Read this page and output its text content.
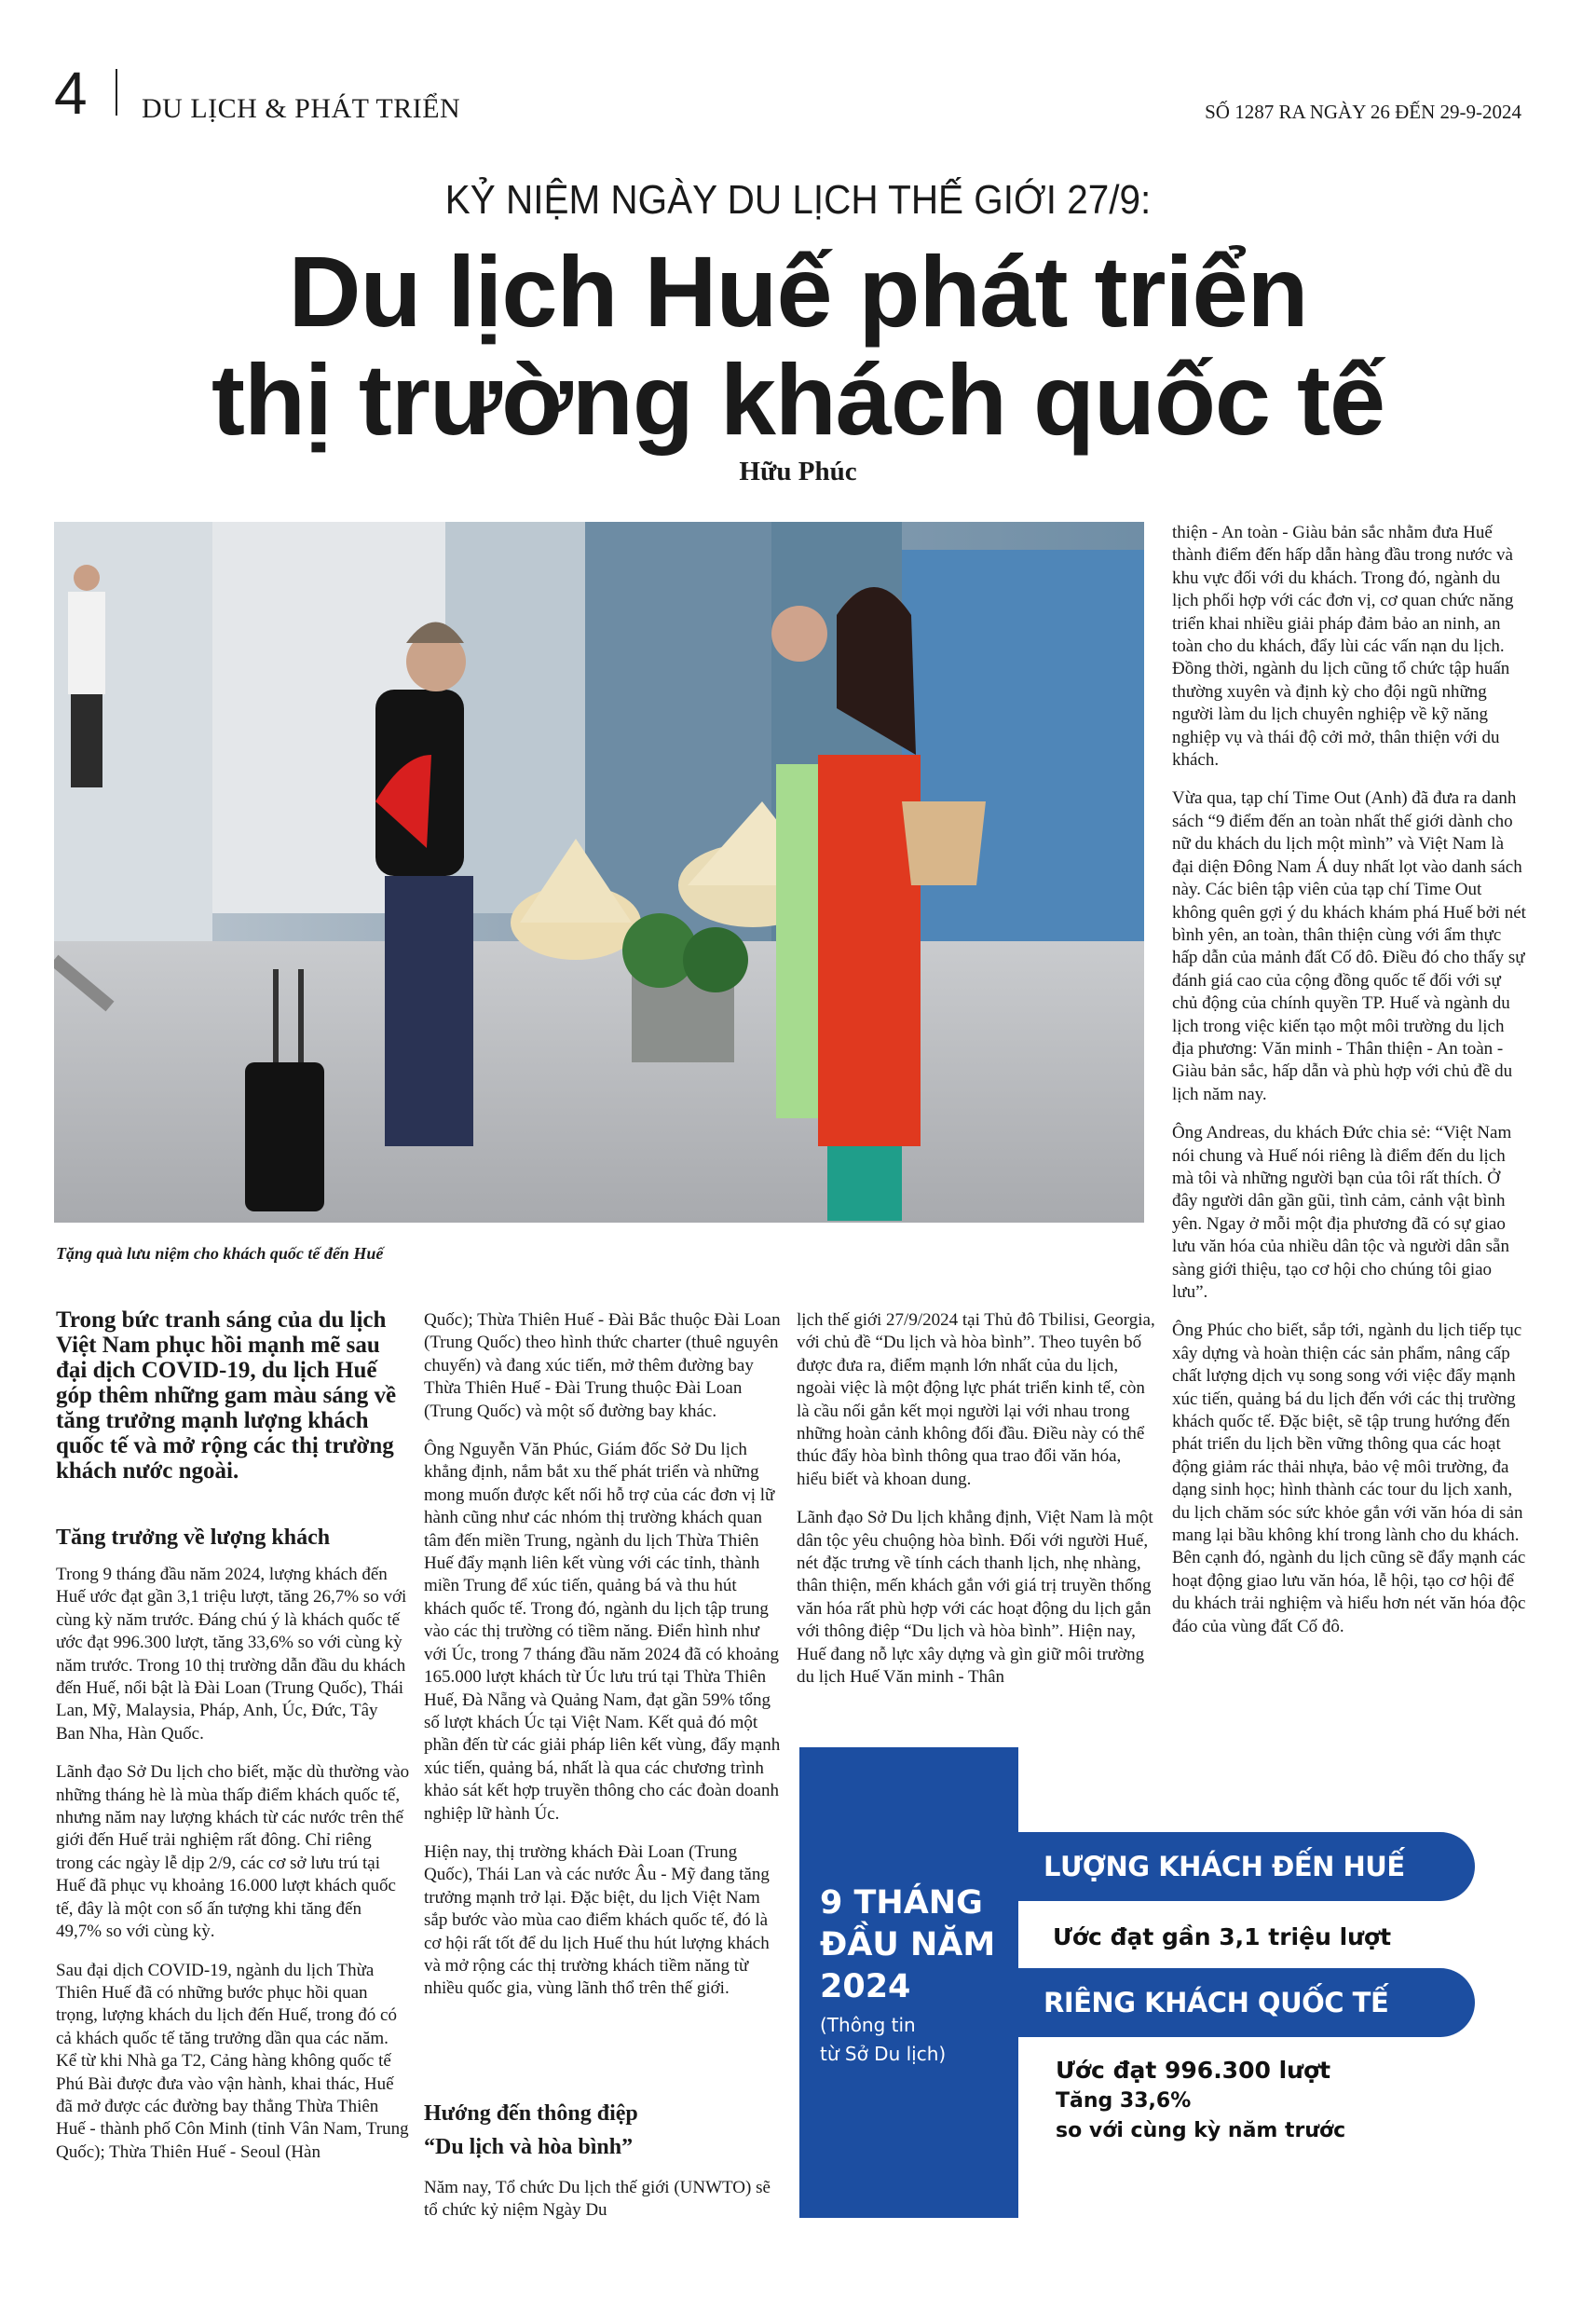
4 DU LỊCH & PHÁT TRIỂN	SỐ 1287 RA NGÀY 26 ĐẾN 29-9-2024
KỶ NIỆM NGÀY DU LỊCH THẾ GIỚI 27/9:
Du lịch Huế phát triển
thị trường khách quốc tế
Hữu Phúc
Tặng quà lưu niệm cho khách quốc tế đến Huế
Trong bức tranh sáng của du lịch Việt Nam phục hồi mạnh mẽ sau đại dịch COVID-19, du lịch Huế góp thêm những gam màu sáng về tăng trưởng mạnh lượng khách quốc tế và mở rộng các thị trường khách nước ngoài.
Tăng trưởng về lượng khách

Trong 9 tháng đầu năm 2024, lượng khách đến Huế ước đạt gần 3,1 triệu lượt, tăng 26,7% so với cùng kỳ năm trước. Đáng chú ý là khách quốc tế ước đạt 996.300 lượt, tăng 33,6% so với cùng kỳ năm trước. Trong 10 thị trường dẫn đầu du khách đến Huế, nổi bật là Đài Loan (Trung Quốc), Thái Lan, Mỹ, Malaysia, Pháp, Anh, Úc, Đức, Tây Ban Nha, Hàn Quốc.

Lãnh đạo Sở Du lịch cho biết, mặc dù thường vào những tháng hè là mùa thấp điểm khách quốc tế, nhưng năm nay lượng khách từ các nước trên thế giới đến Huế trải nghiệm rất đông. Chỉ riêng trong các ngày lễ dịp 2/9, các cơ sở lưu trú tại Huế đã phục vụ khoảng 16.000 lượt khách quốc tế, đây là một con số ấn tượng khi tăng đến 49,7% so với cùng kỳ.

Sau đại dịch COVID-19, ngành du lịch Thừa Thiên Huế đã có những bước phục hồi quan trọng, lượng khách du lịch đến Huế, trong đó có cả khách quốc tế tăng trưởng dần qua các năm. Kể từ khi Nhà ga T2, Cảng hàng không quốc tế Phú Bài được đưa vào vận hành, khai thác, Huế đã mở được các đường bay thẳng Thừa Thiên Huế - thành phố Côn Minh (tỉnh Vân Nam, Trung Quốc); Thừa Thiên Huế - Seoul (Hàn

Quốc); Thừa Thiên Huế - Đài Bắc thuộc Đài Loan (Trung Quốc) theo hình thức charter (thuê nguyên chuyến) và đang xúc tiến, mở thêm đường bay Thừa Thiên Huế - Đài Trung thuộc Đài Loan (Trung Quốc) và một số đường bay khác.

Ông Nguyễn Văn Phúc, Giám đốc Sở Du lịch khẳng định, nắm bắt xu thế phát triển và những mong muốn được kết nối hỗ trợ của các đơn vị lữ hành cũng như các nhóm thị trường khách quan tâm đến miền Trung, ngành du lịch Thừa Thiên Huế đẩy mạnh liên kết vùng với các tỉnh, thành miền Trung để xúc tiến, quảng bá và thu hút khách quốc tế. Trong đó, ngành du lịch tập trung vào các thị trường có tiềm năng. Điển hình như với Úc, trong 7 tháng đầu năm 2024 đã có khoảng 165.000 lượt khách từ Úc lưu trú tại Thừa Thiên Huế, Đà Nẵng và Quảng Nam, đạt gần 59% tổng số lượt khách Úc tại Việt Nam. Kết quả đó một phần đến từ các giải pháp liên kết vùng, đẩy mạnh xúc tiến, quảng bá, nhất là qua các chương trình khảo sát kết hợp truyền thông cho các đoàn doanh nghiệp lữ hành Úc.

Hiện nay, thị trường khách Đài Loan (Trung Quốc), Thái Lan và các nước Âu - Mỹ đang tăng trưởng mạnh trở lại. Đặc biệt, du lịch Việt Nam sắp bước vào mùa cao điểm khách quốc tế, đó là cơ hội rất tốt để du lịch Huế thu hút lượng khách và mở rộng các thị trường khách tiềm năng từ nhiều quốc gia, vùng lãnh thổ trên thế giới.

Hướng đến thông điệp
“Du lịch và hòa bình”

Năm nay, Tổ chức Du lịch thế giới (UNWTO) sẽ tổ chức kỷ niệm Ngày Du

lịch thế giới 27/9/2024 tại Thủ đô Tbilisi, Georgia, với chủ đề “Du lịch và hòa bình”. Theo tuyên bố được đưa ra, điểm mạnh lớn nhất của du lịch, ngoài việc là một động lực phát triển kinh tế, còn là cầu nối gắn kết mọi người lại với nhau trong những hoàn cảnh không đối đầu. Điều này có thể thúc đẩy hòa bình thông qua trao đổi văn hóa, hiểu biết và khoan dung.

Lãnh đạo Sở Du lịch khẳng định, Việt Nam là một dân tộc yêu chuộng hòa bình. Đối với người Huế, nét đặc trưng về tính cách thanh lịch, nhẹ nhàng, thân thiện, mến khách gắn với giá trị truyền thống văn hóa rất phù hợp với các hoạt động du lịch gắn với thông điệp “Du lịch và hòa bình”. Hiện nay, Huế đang nỗ lực xây dựng và gìn giữ môi trường du lịch Huế Văn minh - Thân

thiện - An toàn - Giàu bản sắc nhằm đưa Huế thành điểm đến hấp dẫn hàng đầu trong nước và khu vực đối với du khách. Trong đó, ngành du lịch phối hợp với các đơn vị, cơ quan chức năng triển khai nhiều giải pháp đảm bảo an ninh, an toàn cho du khách, đẩy lùi các vấn nạn du lịch. Đồng thời, ngành du lịch cũng tổ chức tập huấn thường xuyên và định kỳ cho đội ngũ những người làm du lịch chuyên nghiệp về kỹ năng nghiệp vụ và thái độ cởi mở, thân thiện với du khách.

Vừa qua, tạp chí Time Out (Anh) đã đưa ra danh sách “9 điểm đến an toàn nhất thế giới dành cho nữ du khách du lịch một mình” và Việt Nam là đại diện Đông Nam Á duy nhất lọt vào danh sách này. Các biên tập viên của tạp chí Time Out không quên gợi ý du khách khám phá Huế bởi nét bình yên, an toàn, thân thiện cùng với ẩm thực hấp dẫn của mảnh đất Cố đô. Điều đó cho thấy sự đánh giá cao của cộng đồng quốc tế đối với sự chủ động của chính quyền TP. Huế và ngành du lịch trong việc kiến tạo một môi trường du lịch địa phương: Văn minh - Thân thiện - An toàn - Giàu bản sắc, hấp dẫn và phù hợp với chủ đề du lịch năm nay.

Ông Andreas, du khách Đức chia sẻ: “Việt Nam nói chung và Huế nói riêng là điểm đến du lịch mà tôi và những người bạn của tôi rất thích. Ở đây người dân gần gũi, tình cảm, cảnh vật bình yên. Ngay ở mỗi một địa phương đã có sự giao lưu văn hóa của nhiều dân tộc và người dân sẵn sàng giới thiệu, tạo cơ hội cho chúng tôi giao lưu”.

Ông Phúc cho biết, sắp tới, ngành du lịch tiếp tục xây dựng và hoàn thiện các sản phẩm, nâng cấp chất lượng dịch vụ song song với việc đẩy mạnh xúc tiến, quảng bá du lịch đến với các thị trường khách quốc tế. Đặc biệt, sẽ tập trung hướng đến phát triển du lịch bền vững thông qua các hoạt động giảm rác thải nhựa, bảo vệ môi trường, đa dạng sinh học; hình thành các tour du lịch xanh, du lịch chăm sóc sức khỏe gắn với văn hóa di sản mang lại bầu không khí trong lành cho du khách. Bên cạnh đó, ngành du lịch cũng sẽ đẩy mạnh các hoạt động giao lưu văn hóa, lễ hội, tạo cơ hội để du khách trải nghiệm và hiểu hơn nét văn hóa độc đáo của vùng đất Cố đô.

9 THÁNG
ĐẦU NĂM
2024
(Thông tin
từ Sở Du lịch)
LƯỢNG KHÁCH ĐẾN HUẾ
Ước đạt gần 3,1 triệu lượt
RIÊNG KHÁCH QUỐC TẾ
Ước đạt 996.300 lượt
Tăng 33,6%
so với cùng kỳ năm trước
